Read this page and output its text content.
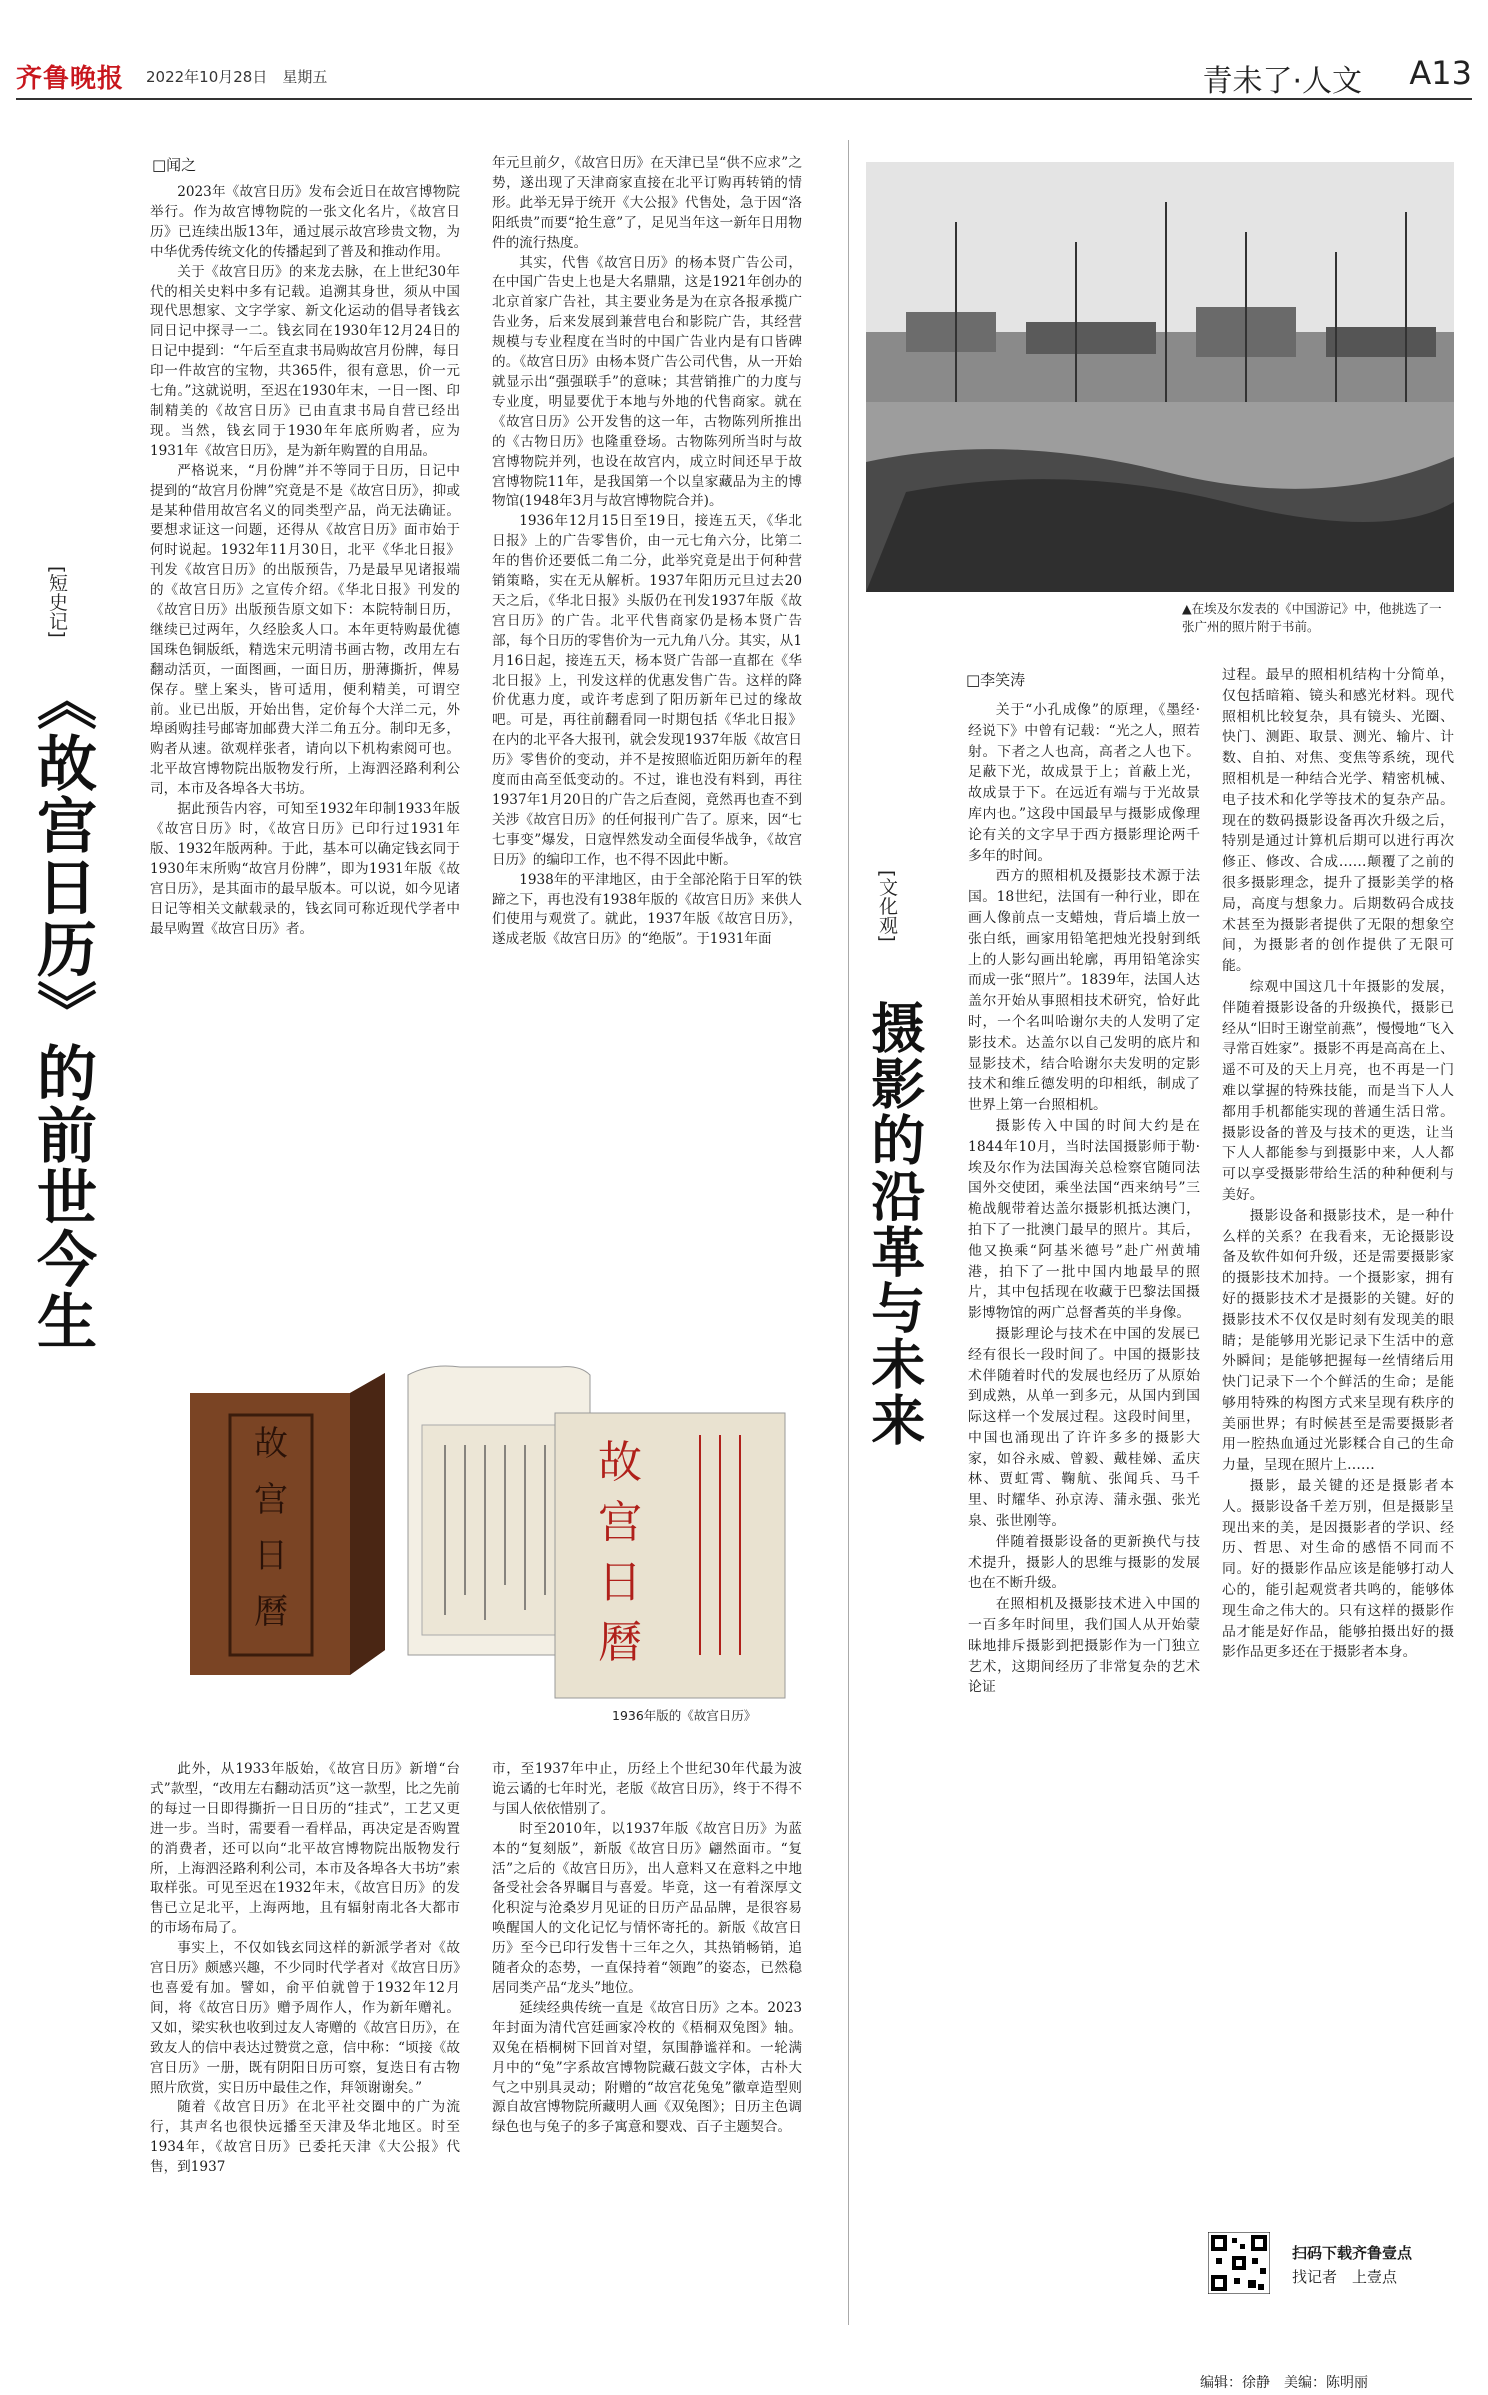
齐鲁晚报 2022年10月28日　 星期五	青未了·人文 A13
□闻之
[短史记]
《故宫日历》的前世今生

2023年《故宫日历》发布会近日在故宫博物院举行。作为故宫博物院的一张文化名片，《故宫日历》已连续出版13年，通过展示故宫珍贵文物，为中华优秀传统文化的传播起到了普及和推动作用。

关于《故宫日历》的来龙去脉，在上世纪30年代的相关史料中多有记载。追溯其身世，须从中国现代思想家、文字学家、新文化运动的倡导者钱玄同日记中探寻一二。钱玄同在1930年12月24日的日记中提到：“午后至直隶书局购故宫月份牌，每日印一件故宫的宝物，共365件，很有意思，价一元七角。”这就说明，至迟在1930年末，一日一图、印制精美的《故宫日历》已由直隶书局自营已经出现。当然，钱玄同于1930年年底所购者，应为1931年《故宫日历》，是为新年购置的自用品。

严格说来，“月份牌”并不等同于日历，日记中提到的“故宫月份牌”究竟是不是《故宫日历》，抑或是某种借用故宫名义的同类型产品，尚无法确证。要想求证这一问题，还得从《故宫日历》面市始于何时说起。1932年11月30日，北平《华北日报》刊发《故宫日历》的出版预告，乃是最早见诸报端的《故宫日历》之宣传介绍。《华北日报》刊发的《故宫日历》出版预告原文如下：本院特制日历，继续已过两年，久经脍炙人口。本年更特购最优德国珠色铜版纸，精选宋元明清书画古物，改用左右翻动活页，一面图画，一面日历，册薄撕折，俾易保存。壁上案头，皆可适用，便利精美，可谓空前。业已出版，开始出售，定价每个大洋二元，外埠函购挂号邮寄加邮费大洋二角五分。制印无多，购者从速。欲观样张者，请向以下机构索阅可也。北平故宫博物院出版物发行所，上海泗泾路利利公司，本市及各埠各大书坊。

据此预告内容，可知至1932年印制1933年版《故宫日历》时，《故宫日历》已印行过1931年版、1932年版两种。于此，基本可以确定钱玄同于1930年末所购“故宫月份牌”，即为1931年版《故宫日历》，是其面市的最早版本。可以说，如今见诸日记等相关文献载录的，钱玄同可称近现代学者中最早购置《故宫日历》者。

年元旦前夕，《故宫日历》在天津已呈“供不应求”之势，遂出现了天津商家直接在北平订购再转销的情形。此举无异于统开《大公报》代售处，急于因“洛阳纸贵”而要“抢生意”了，足见当年这一新年日用物件的流行热度。

其实，代售《故宫日历》的杨本贤广告公司，在中国广告史上也是大名鼎鼎，这是1921年创办的北京首家广告社，其主要业务是为在京各报承揽广告业务，后来发展到兼营电台和影院广告，其经营规模与专业程度在当时的中国广告业内是有口皆碑的。《故宫日历》由杨本贤广告公司代售，从一开始就显示出“强强联手”的意味；其营销推广的力度与专业度，明显要优于本地与外地的代售商家。就在《故宫日历》公开发售的这一年，古物陈列所推出的《古物日历》也隆重登场。古物陈列所当时与故宫博物院并列，也设在故宫内，成立时间还早于故宫博物院11年，是我国第一个以皇家藏品为主的博物馆(1948年3月与故宫博物院合并)。

1936年12月15日至19日，接连五天，《华北日报》上的广告零售价，由一元七角六分，比第二年的售价还要低二角二分，此举究竟是出于何种营销策略，实在无从解析。1937年阳历元旦过去20天之后，《华北日报》头版仍在刊发1937年版《故宫日历》的广告。北平代售商家仍是杨本贤广告部，每个日历的零售价为一元九角八分。其实，从1月16日起，接连五天，杨本贤广告部一直都在《华北日报》上，刊发这样的优惠发售广告。这样的降价优惠力度，或许考虑到了阳历新年已过的缘故吧。可是，再往前翻看同一时期包括《华北日报》在内的北平各大报刊，就会发现1937年版《故宫日历》零售价的变动，并不是按照临近阳历新年的程度而由高至低变动的。不过，谁也没有料到，再往1937年1月20日的广告之后查阅，竟然再也查不到关涉《故宫日历》的任何报刊广告了。原来，因“七七事变”爆发，日寇悍然发动全面侵华战争，《故宫日历》的编印工作，也不得不因此中断。

1938年的平津地区，由于全部沦陷于日军的铁蹄之下，再也没有1938年版的《故宫日历》来供人们使用与观赏了。就此，1937年版《故宫日历》，遂成老版《故宫日历》的“绝版”。于1931年面

故
宫
日
曆
故
宫
日
曆
1936年版的《故宫日历》

此外，从1933年版始，《故宫日历》新增“台式”款型，“改用左右翻动活页”这一款型，比之先前的每过一日即得撕折一日日历的“挂式”，工艺又更进一步。当时，需要看一看样品，再决定是否购置的消费者，还可以向“北平故宫博物院出版物发行所，上海泗泾路利利公司，本市及各埠各大书坊”索取样张。可见至迟在1932年末，《故宫日历》的发售已立足北平，上海两地，且有辐射南北各大都市的市场布局了。

事实上，不仅如钱玄同这样的新派学者对《故宫日历》颇感兴趣，不少同时代学者对《故宫日历》也喜爱有加。譬如，俞平伯就曾于1932年12月间，将《故宫日历》赠予周作人，作为新年赠礼。又如，梁实秋也收到过友人寄赠的《故宫日历》，在致友人的信中表达过赞赏之意，信中称：“顷接《故宫日历》一册，既有阴阳日历可察，复迭日有古物照片欣赏，实日历中最佳之作，拜领谢谢矣。”

随着《故宫日历》在北平社交圈中的广为流行，其声名也很快远播至天津及华北地区。时至1934年，《故宫日历》已委托天津《大公报》代售，到1937

市，至1937年中止，历经上个世纪30年代最为波诡云谲的七年时光，老版《故宫日历》，终于不得不与国人依依惜别了。

时至2010年，以1937年版《故宫日历》为蓝本的“复刻版”，新版《故宫日历》翩然面市。“复活”之后的《故宫日历》，出人意料又在意料之中地备受社会各界瞩目与喜爱。毕竟，这一有着深厚文化积淀与沧桑岁月见证的日历产品品牌，是很容易唤醒国人的文化记忆与情怀寄托的。新版《故宫日历》至今已印行发售十三年之久，其热销畅销，追随者众的态势，一直保持着“领跑”的姿态，已然稳居同类产品“龙头”地位。

延续经典传统一直是《故宫日历》之本。2023年封面为清代宫廷画家冷枚的《梧桐双兔图》轴。双兔在梧桐树下回首对望，氛围静谧祥和。一轮满月中的“兔”字系故宫博物院藏石鼓文字体，古朴大气之中别具灵动；附赠的“故宫花兔兔”徽章造型则源自故宫博物院所藏明人画《双兔图》；日历主色调绿色也与兔子的多子寓意和婴戏、百子主题契合。

▲在埃及尔发表的《中国游记》中，他挑选了一张广州的照片附于书前。
□李笑涛
[文化观]
摄影的沿革与未来

关于“小孔成像”的原理，《墨经·经说下》中曾有记载：“光之人，照若射。下者之人也高，高者之人也下。足蔽下光，故成景于上；首蔽上光，故成景于下。在远近有端与于光故景库内也。”这段中国最早与摄影成像理论有关的文字早于西方摄影理论两千多年的时间。

西方的照相机及摄影技术源于法国。18世纪，法国有一种行业，即在画人像前点一支蜡烛，背后墙上放一张白纸，画家用铅笔把烛光投射到纸上的人影勾画出轮廓，再用铅笔涂实而成一张“照片”。1839年，法国人达盖尔开始从事照相技术研究，恰好此时，一个名叫哈谢尔夫的人发明了定影技术。达盖尔以自己发明的底片和显影技术，结合哈谢尔夫发明的定影技术和维丘德发明的印相纸，制成了世界上第一台照相机。

摄影传入中国的时间大约是在1844年10月，当时法国摄影师于勒·埃及尔作为法国海关总检察官随同法国外交使团，乘坐法国“西来纳号”三桅战舰带着达盖尔摄影机抵达澳门，拍下了一批澳门最早的照片。其后，他又换乘“阿基米德号”赴广州黄埔港，拍下了一批中国内地最早的照片，其中包括现在收藏于巴黎法国摄影博物馆的两广总督耆英的半身像。

摄影理论与技术在中国的发展已经有很长一段时间了。中国的摄影技术伴随着时代的发展也经历了从原始到成熟，从单一到多元，从国内到国际这样一个发展过程。这段时间里，中国也涌现出了许许多多的摄影大家，如谷永威、曾毅、戴桂娣、孟庆林、贾虹霄、鞠航、张闻兵、马千里、时耀华、孙京涛、蒲永强、张光泉、张世刚等。

伴随着摄影设备的更新换代与技术提升，摄影人的思维与摄影的发展也在不断升级。

在照相机及摄影技术进入中国的一百多年时间里，我们国人从开始蒙昧地排斥摄影到把摄影作为一门独立艺术，这期间经历了非常复杂的艺术论证

过程。最早的照相机结构十分简单，仅包括暗箱、镜头和感光材料。现代照相机比较复杂，具有镜头、光圈、快门、测距、取景、测光、输片、计数、自拍、对焦、变焦等系统，现代照相机是一种结合光学、精密机械、电子技术和化学等技术的复杂产品。现在的数码摄影设备再次升级之后，特别是通过计算机后期可以进行再次修正、修改、合成……颠覆了之前的很多摄影理念，提升了摄影美学的格局，高度与想象力。后期数码合成技术甚至为摄影者提供了无限的想象空间，为摄影者的创作提供了无限可能。

综观中国这几十年摄影的发展，伴随着摄影设备的升级换代，摄影已经从“旧时王谢堂前燕”，慢慢地“飞入寻常百姓家”。摄影不再是高高在上、遥不可及的天上月亮，也不再是一门难以掌握的特殊技能，而是当下人人都用手机都能实现的普通生活日常。摄影设备的普及与技术的更迭，让当下人人都能参与到摄影中来，人人都可以享受摄影带给生活的种种便利与美好。

摄影设备和摄影技术，是一种什么样的关系？在我看来，无论摄影设备及软件如何升级，还是需要摄影家的摄影技术加持。一个摄影家，拥有好的摄影技术才是摄影的关键。好的摄影技术不仅仅是时刻有发现美的眼睛；是能够用光影记录下生活中的意外瞬间；是能够把握每一丝情绪后用快门记录下一个个鲜活的生命；是能够用特殊的构图方式来呈现有秩序的美丽世界；有时候甚至是需要摄影者用一腔热血通过光影糅合自己的生命力量，呈现在照片上……

摄影，最关键的还是摄影者本人。摄影设备千差万别，但是摄影呈现出来的美，是因摄影者的学识、经历、哲思、对生命的感悟不同而不同。好的摄影作品应该是能够打动人心的，能引起观赏者共鸣的，能够体现生命之伟大的。只有这样的摄影作品才能是好作品，能够拍摄出好的摄影作品更多还在于摄影者本身。

扫码下载齐鲁壹点
找记者　上壹点
编辑：徐静　美编：陈明丽
